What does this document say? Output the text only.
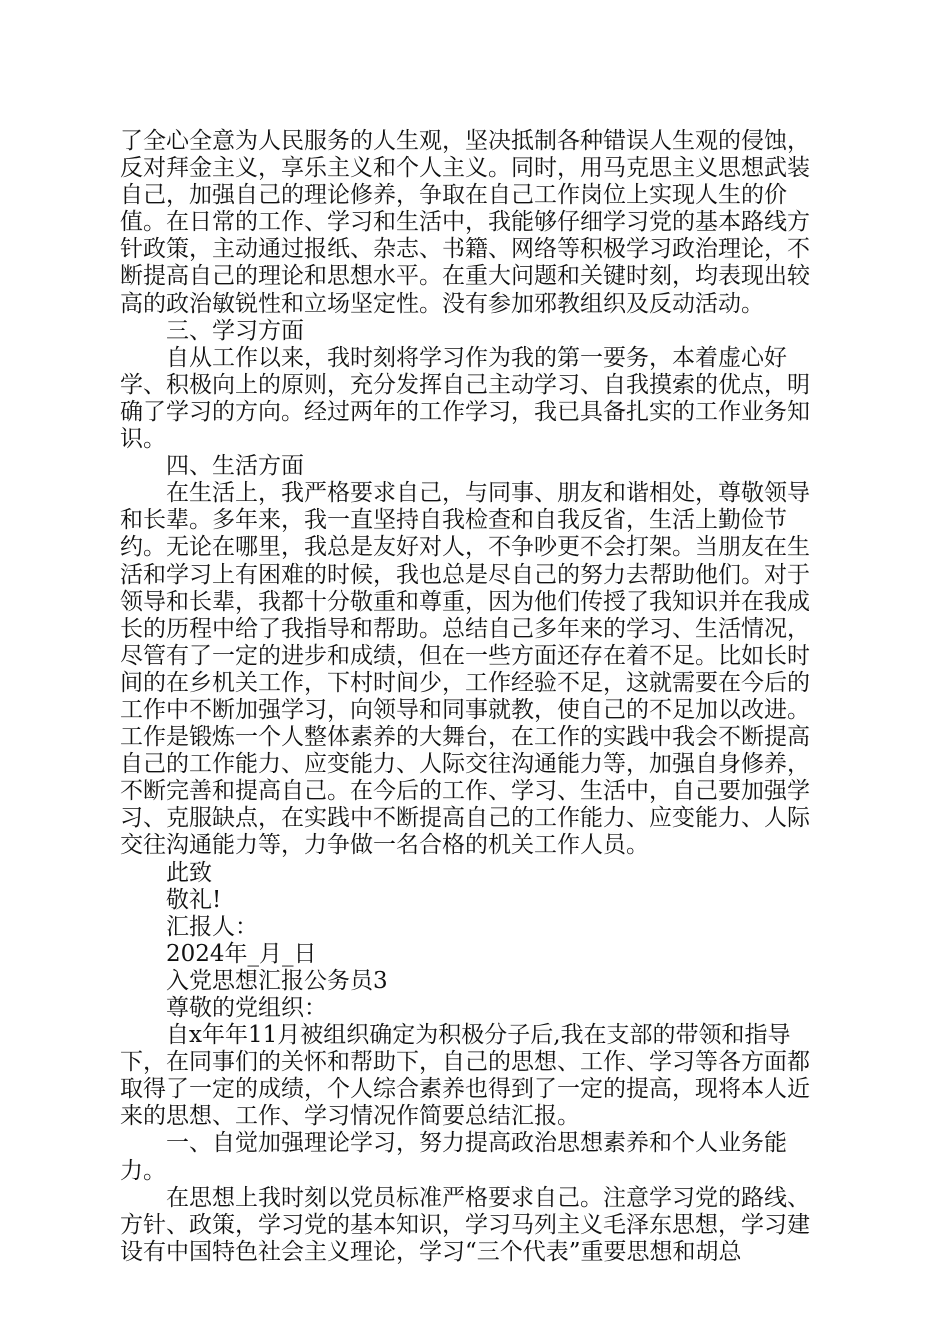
了全心全意为人民服务的人生观，坚决抵制各种错误人生观的侵蚀，反对拜金主义，享乐主义和个人主义。同时，用马克思主义思想武装自己，加强自己的理论修养，争取在自己工作岗位上实现人生的价值。在日常的工作、学习和生活中，我能够仔细学习党的基本路线方针政策，主动通过报纸、杂志、书籍、网络等积极学习政治理论，不断提高自己的理论和思想水平。在重大问题和关键时刻，均表现出较高的政治敏锐性和立场坚定性。没有参加邪教组织及反动活动。

三、学习方面

自从工作以来，我时刻将学习作为我的第一要务，本着虚心好学、积极向上的原则，充分发挥自己主动学习、自我摸索的优点，明确了学习的方向。经过两年的工作学习，我已具备扎实的工作业务知识。

四、生活方面

在生活上，我严格要求自己，与同事、朋友和谐相处，尊敬领导和长辈。多年来，我一直坚持自我检查和自我反省，生活上勤俭节约。无论在哪里，我总是友好对人，不争吵更不会打架。当朋友在生活和学习上有困难的时候，我也总是尽自己的努力去帮助他们。对于领导和长辈，我都十分敬重和尊重，因为他们传授了我知识并在我成长的历程中给了我指导和帮助。总结自己多年来的学习、生活情况，尽管有了一定的进步和成绩，但在一些方面还存在着不足。比如长时间的在乡机关工作，下村时间少，工作经验不足，这就需要在今后的工作中不断加强学习，向领导和同事就教，使自己的不足加以改进。工作是锻炼一个人整体素养的大舞台，在工作的实践中我会不断提高自己的工作能力、应变能力、人际交往沟通能力等，加强自身修养，不断完善和提高自己。在今后的工作、学习、生活中，自己要加强学习、克服缺点，在实践中不断提高自己的工作能力、应变能力、人际交往沟通能力等，力争做一名合格的机关工作人员。

此致

敬礼!

汇报人：

2024年_月_日

入党思想汇报公务员3

尊敬的党组织：

自x年年11月被组织确定为积极分子后,我在支部的带领和指导下，在同事们的关怀和帮助下，自己的思想、工作、学习等各方面都取得了一定的成绩，个人综合素养也得到了一定的提高，现将本人近来的思想、工作、学习情况作简要总结汇报。

一、自觉加强理论学习，努力提高政治思想素养和个人业务能力。

在思想上我时刻以党员标准严格要求自己。注意学习党的路线、方针、政策，学习党的基本知识，学习马列主义毛泽东思想，学习建设有中国特色社会主义理论，学习“三个代表”重要思想和胡总
